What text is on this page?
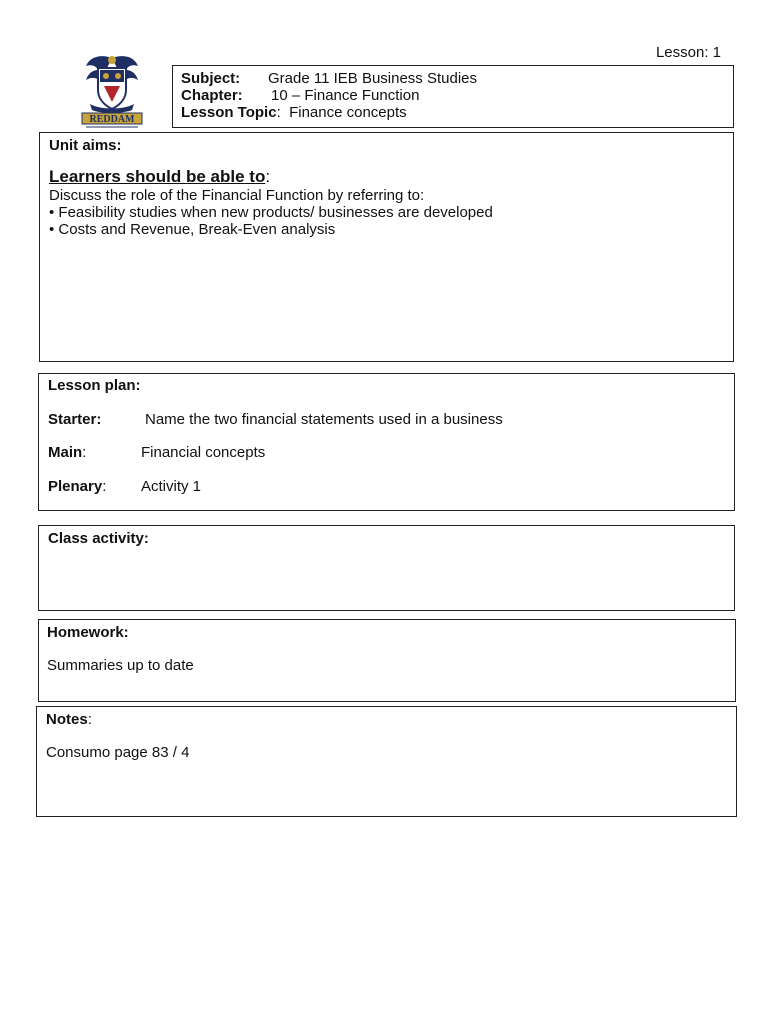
Lesson: 1
REDDAM
Subject: Grade 11 IEB Business Studies
Chapter: 10 – Finance Function
Lesson Topic:  Finance concepts
Unit aims:
Learners should be able to:
Discuss the role of the Financial Function by referring to:
• Feasibility studies when new products/ businesses are developed
• Costs and Revenue, Break-Even analysis
Lesson plan:
Starter:	Name the two financial statements used in a business
Main:	Financial concepts
Plenary: Activity 1
Class activity:
Homework:
Summaries up to date
Notes:
Consumo page 83 / 4
